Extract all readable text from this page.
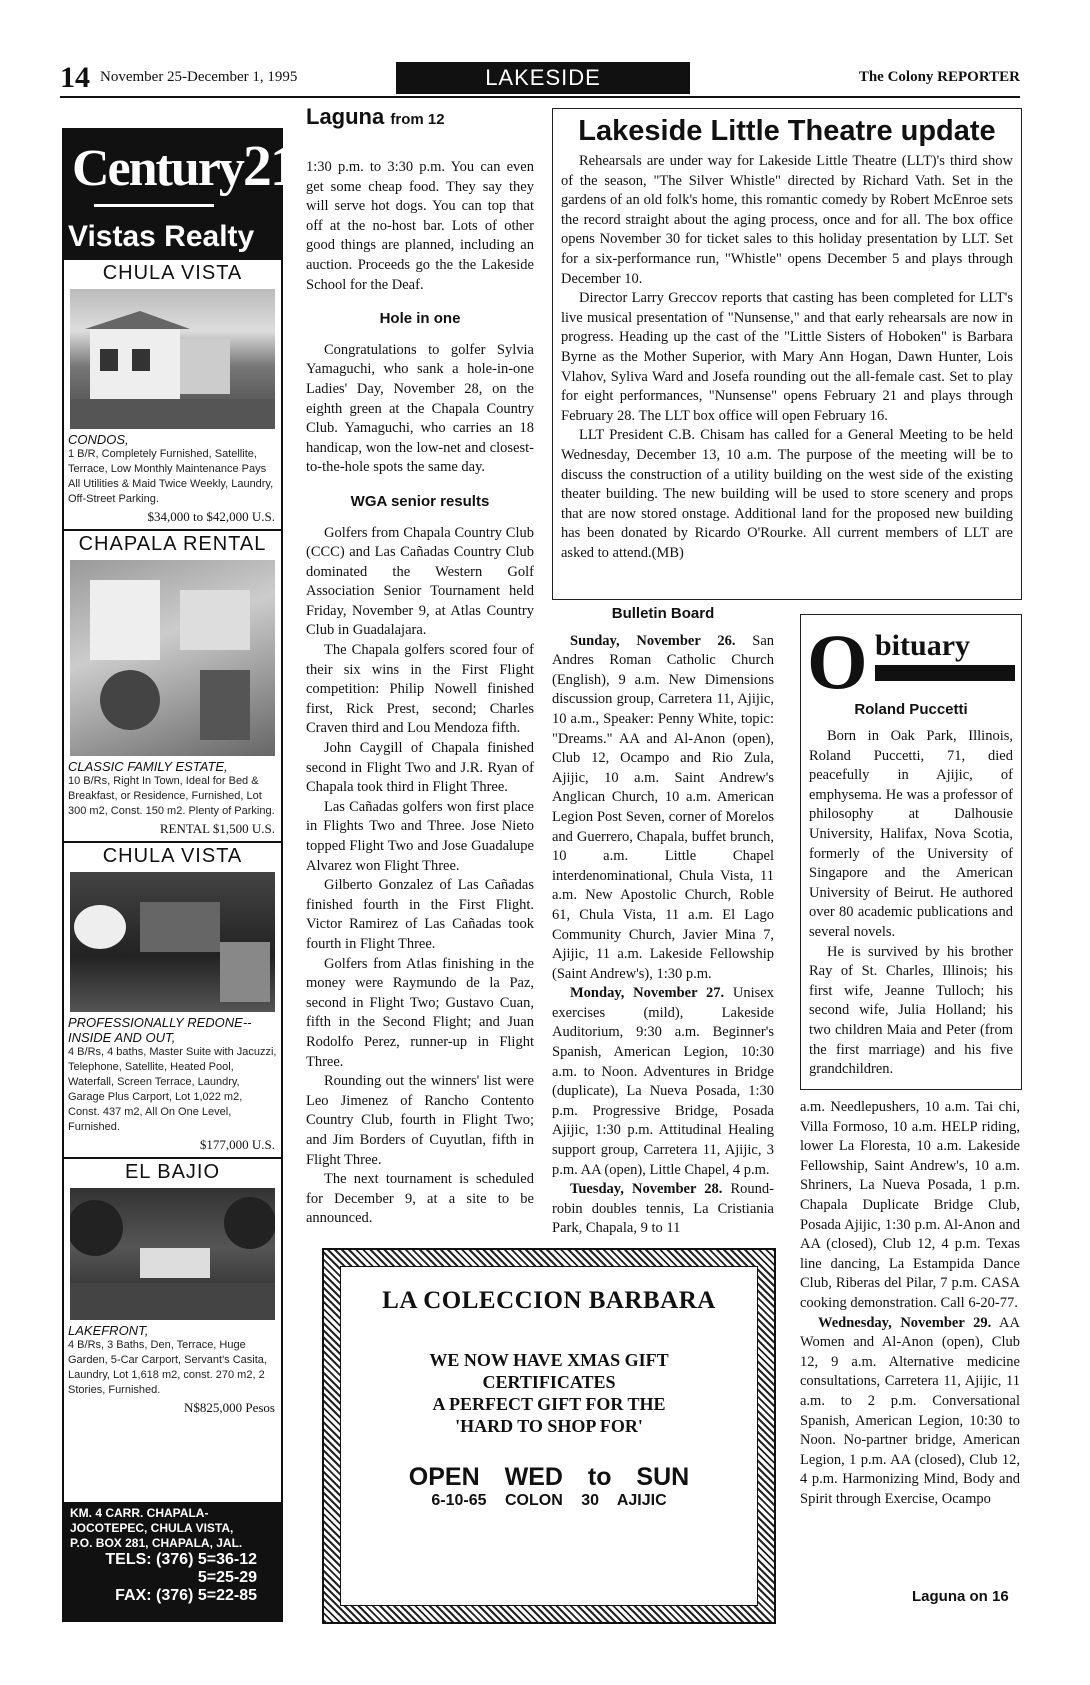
14 November 25-December 1, 1995	LAKESIDE	The Colony REPORTER
Century21
Vistas Realty
CHULA VISTA
CONDOS,
1 B/R, Completely Furnished, Satellite, Terrace, Low Monthly Maintenance Pays All Utilities & Maid Twice Weekly, Laundry, Off-Street Parking.
$34,000 to $42,000 U.S.
CHAPALA RENTAL
CLASSIC FAMILY ESTATE,
10 B/Rs, Right In Town, Ideal for Bed & Breakfast, or Residence, Furnished, Lot 300 m2, Const. 150 m2. Plenty of Parking.
RENTAL $1,500 U.S.
CHULA VISTA
PROFESSIONALLY REDONE-- INSIDE AND OUT,
4 B/Rs, 4 baths, Master Suite with Jacuzzi, Telephone, Satellite, Heated Pool, Waterfall, Screen Terrace, Laundry, Garage Plus Carport, Lot 1,022 m2, Const. 437 m2, All On One Level, Furnished.
$177,000 U.S.
EL BAJIO
LAKEFRONT,
4 B/Rs, 3 Baths, Den, Terrace, Huge Garden, 5-Car Carport, Servant's Casita, Laundry, Lot 1,618 m2, const. 270 m2, 2 Stories, Furnished.
N$825,000 Pesos
KM. 4 CARR. CHAPALA-
JOCOTEPEC, CHULA VISTA,
P.O. BOX 281, CHAPALA, JAL.
TELS: (376) 5=36-12
5=25-29
FAX: (376) 5=22-85
Laguna from 12

1:30 p.m. to 3:30 p.m. You can even get some cheap food. They say they will serve hot dogs. You can top that off at the no-host bar. Lots of other good things are planned, including an auction. Proceeds go the the Lakeside School for the Deaf.

Hole in one

Congratulations to golfer Sylvia Yamaguchi, who sank a hole-in-one Ladies' Day, November 28, on the eighth green at the Chapala Country Club. Yamaguchi, who carries an 18 handicap, won the low-net and closest-to-the-hole spots the same day.

WGA senior results

Golfers from Chapala Country Club (CCC) and Las Cañadas Country Club dominated the Western Golf Association Senior Tournament held Friday, November 9, at Atlas Country Club in Guadalajara.

The Chapala golfers scored four of their six wins in the First Flight competition: Philip Nowell finished first, Rick Prest, second; Charles Craven third and Lou Mendoza fifth.

John Caygill of Chapala finished second in Flight Two and J.R. Ryan of Chapala took third in Flight Three.

Las Cañadas golfers won first place in Flights Two and Three. Jose Nieto topped Flight Two and Jose Guadalupe Alvarez won Flight Three.

Gilberto Gonzalez of Las Cañadas finished fourth in the First Flight. Victor Ramirez of Las Cañadas took fourth in Flight Three.

Golfers from Atlas finishing in the money were Raymundo de la Paz, second in Flight Two; Gustavo Cuan, fifth in the Second Flight; and Juan Rodolfo Perez, runner-up in Flight Three.

Rounding out the winners' list were Leo Jimenez of Rancho Contento Country Club, fourth in Flight Two; and Jim Borders of Cuyutlan, fifth in Flight Three.

The next tournament is scheduled for December 9, at a site to be announced.

Lakeside Little Theatre update

Rehearsals are under way for Lakeside Little Theatre (LLT)'s third show of the season, "The Silver Whistle" directed by Richard Vath. Set in the gardens of an old folk's home, this romantic comedy by Robert McEnroe sets the record straight about the aging process, once and for all. The box office opens November 30 for ticket sales to this holiday presentation by LLT. Set for a six-performance run, "Whistle" opens December 5 and plays through December 10.

Director Larry Greccov reports that casting has been completed for LLT's live musical presentation of "Nunsense," and that early rehearsals are now in progress. Heading up the cast of the "Little Sisters of Hoboken" is Barbara Byrne as the Mother Superior, with Mary Ann Hogan, Dawn Hunter, Lois Vlahov, Syliva Ward and Josefa rounding out the all-female cast. Set to play for eight performances, "Nunsense" opens February 21 and plays through February 28. The LLT box office will open February 16.

LLT President C.B. Chisam has called for a General Meeting to be held Wednesday, December 13, 10 a.m. The purpose of the meeting will be to discuss the construction of a utility building on the west side of the existing theater building. The new building will be used to store scenery and props that are now stored onstage. Additional land for the proposed new building has been donated by Ricardo O'Rourke. All current members of LLT are asked to attend.(MB)

Bulletin Board

Sunday, November 26. San Andres Roman Catholic Church (English), 9 a.m. New Dimensions discussion group, Carretera 11, Ajijic, 10 a.m., Speaker: Penny White, topic: "Dreams." AA and Al-Anon (open), Club 12, Ocampo and Rio Zula, Ajijic, 10 a.m. Saint Andrew's Anglican Church, 10 a.m. American Legion Post Seven, corner of Morelos and Guerrero, Chapala, buffet brunch, 10 a.m. Little Chapel interdenominational, Chula Vista, 11 a.m. New Apostolic Church, Roble 61, Chula Vista, 11 a.m. El Lago Community Church, Javier Mina 7, Ajijic, 11 a.m. Lakeside Fellowship (Saint Andrew's), 1:30 p.m.

Monday, November 27. Unisex exercises (mild), Lakeside Auditorium, 9:30 a.m. Beginner's Spanish, American Legion, 10:30 a.m. to Noon. Adventures in Bridge (duplicate), La Nueva Posada, 1:30 p.m. Progressive Bridge, Posada Ajijic, 1:30 p.m. Attitudinal Healing support group, Carretera 11, Ajijic, 3 p.m. AA (open), Little Chapel, 4 p.m.

Tuesday, November 28. Round-robin doubles tennis, La Cristiania Park, Chapala, 9 to 11

O bituary
Roland Puccetti

Born in Oak Park, Illinois, Roland Puccetti, 71, died peacefully in Ajijic, of emphysema. He was a professor of philosophy at Dalhousie University, Halifax, Nova Scotia, formerly of the University of Singapore and the American University of Beirut. He authored over 80 academic publications and several novels.

He is survived by his brother Ray of St. Charles, Illinois; his first wife, Jeanne Tulloch; his second wife, Julia Holland; his two children Maia and Peter (from the first marriage) and his five grandchildren.

a.m. Needlepushers, 10 a.m. Tai chi, Villa Formoso, 10 a.m. HELP riding, lower La Floresta, 10 a.m. Lakeside Fellowship, Saint Andrew's, 10 a.m. Shriners, La Nueva Posada, 1 p.m. Chapala Duplicate Bridge Club, Posada Ajijic, 1:30 p.m. Al-Anon and AA (closed), Club 12, 4 p.m. Texas line dancing, La Estampida Dance Club, Riberas del Pilar, 7 p.m. CASA cooking demonstration. Call 6-20-77.

Wednesday, November 29. AA Women and Al-Anon (open), Club 12, 9 a.m. Alternative medicine consultations, Carretera 11, Ajijic, 11 a.m. to 2 p.m. Conversational Spanish, American Legion, 10:30 to Noon. No-partner bridge, American Legion, 1 p.m. AA (closed), Club 12, 4 p.m. Harmonizing Mind, Body and Spirit through Exercise, Ocampo

Laguna on 16
LA COLECCION BARBARA
WE NOW HAVE XMAS GIFT
CERTIFICATES
A PERFECT GIFT FOR THE
'HARD TO SHOP FOR'
OPEN WED to SUN
6-10-65 COLON 30 AJIJIC
